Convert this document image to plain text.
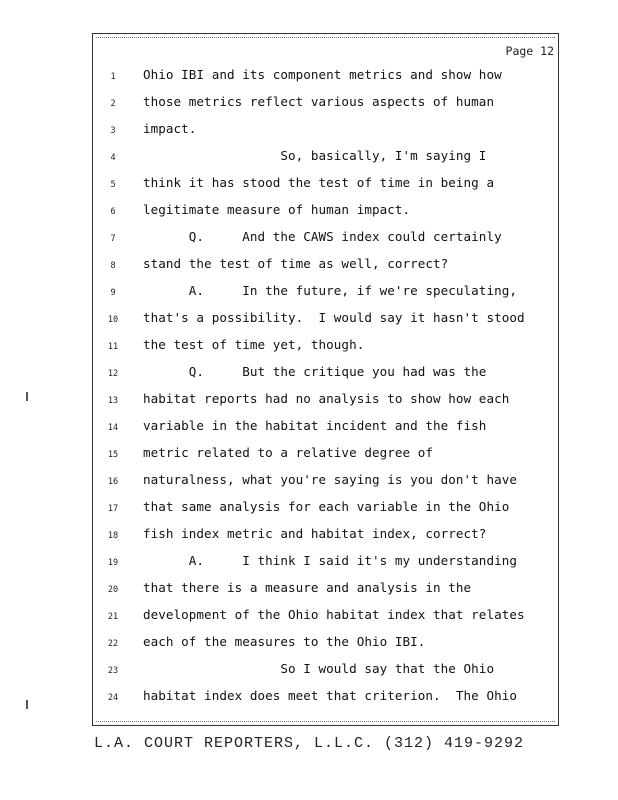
Page 12
1	Ohio IBI and its component metrics and show how
2	those metrics reflect various aspects of human
3	impact.
4	So, basically, I'm saying I
5	think it has stood the test of time in being a
6	legitimate measure of human impact.
7	Q.     And the CAWS index could certainly
8	stand the test of time as well, correct?
9	A.     In the future, if we're speculating,
10	that's a possibility.  I would say it hasn't stood
11	the test of time yet, though.
12	Q.     But the critique you had was the
13	habitat reports had no analysis to show how each
14	variable in the habitat incident and the fish
15	metric related to a relative degree of
16	naturalness, what you're saying is you don't have
17	that same analysis for each variable in the Ohio
18	fish index metric and habitat index, correct?
19	A.     I think I said it's my understanding
20	that there is a measure and analysis in the
21	development of the Ohio habitat index that relates
22	each of the measures to the Ohio IBI.
23	So I would say that the Ohio
24	habitat index does meet that criterion.  The Ohio
L.A. COURT REPORTERS, L.L.C. (312) 419-9292
